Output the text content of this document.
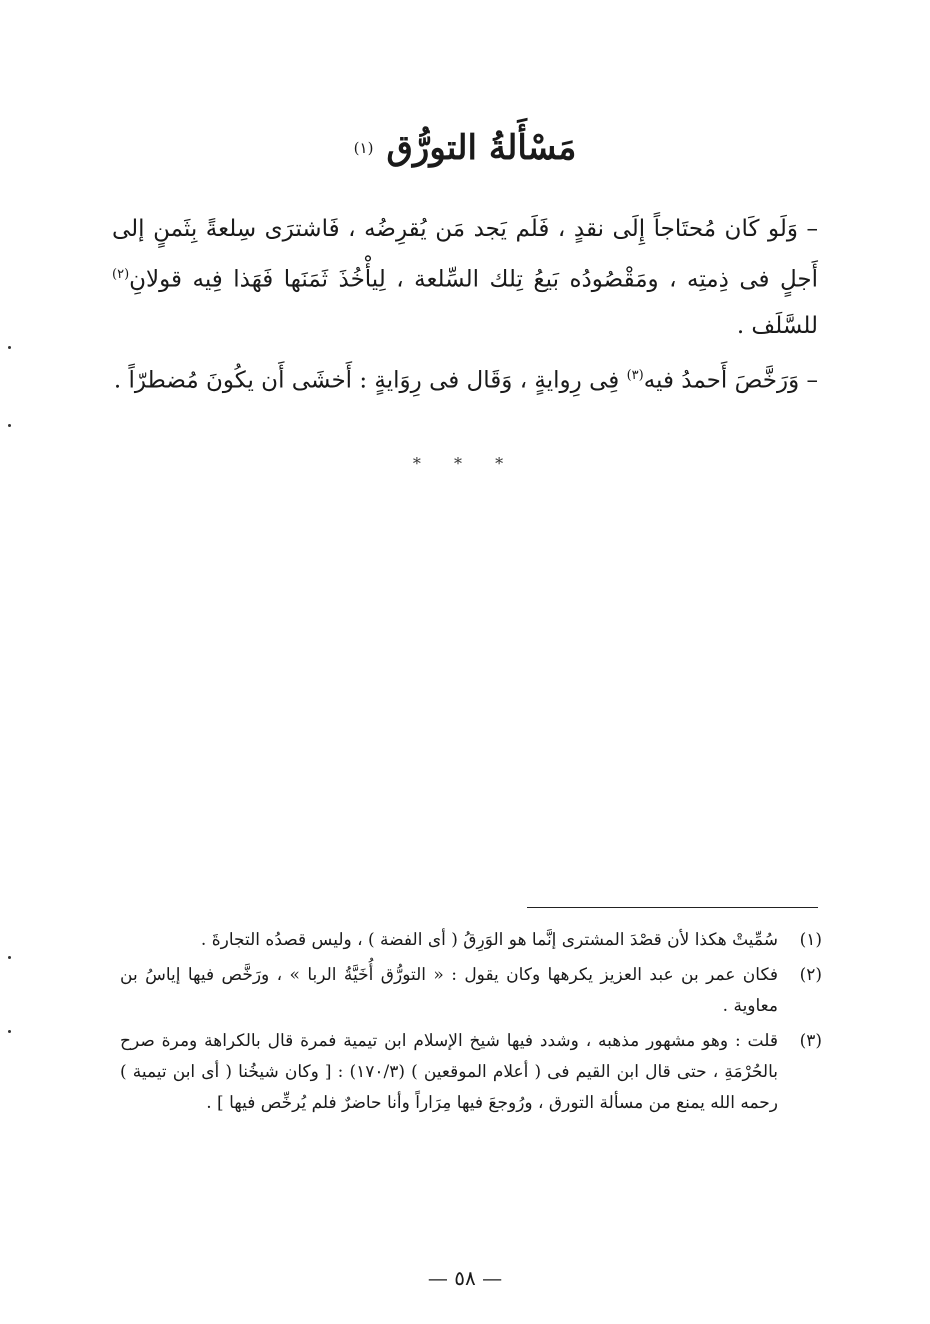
مَسْأَلةُ التورُّق (١)

– وَلَو كَان مُحتَاجاً إِلَى نقدٍ ، فَلَم يَجد مَن يُقرِضُه ، فَاشترَى سِلعةً بِثَمنٍ إلى أَجلٍ فى ذِمتِه ، ومَقْصُودُه بَيعُ تِلك السِّلعة ، لِيأْخُذَ ثَمَنَها فَهَذا فِيه قولانِ$^{(٢)}$ للسَّلَف .

– وَرَخَّصَ أَحمدُ فيه$^{(٣)}$ فِى رِوايةٍ ، وَقَال فى رِوَايةٍ : أَخشَى أَن يكُونَ مُضطرّاً .

* * *
(١)
سُمِّيتْ هكذا لأن قصْدَ المشترى إنَّما هو الوَرِقُ ( أى الفضة ) ، وليس قصدُه التجارةَ .
(٢)
فكان عمر بن عبد العزيز يكرهها وكان يقول : « التورُّق أُخَيَّةُ الربا » ، ورَخَّص فيها إياسُ بن معاوية .
(٣)
قلت : وهو مشهور مذهبه ، وشدد فيها شيخ الإسلام ابن تيمية فمرة قال بالكراهة ومرة صرح بالحُرْمَةِ ، حتى قال ابن القيم فى ( أعلام الموقعين ) (١٧٠/٣) : [ وكان شيخُنا ( أى ابن تيمية ) رحمه الله يمنع من مسألة التورق ، ورُوجعَ فيها مِرَاراً وأنا حاضرٌ فلم يُرخِّص فيها ] .
— ٥٨ —
